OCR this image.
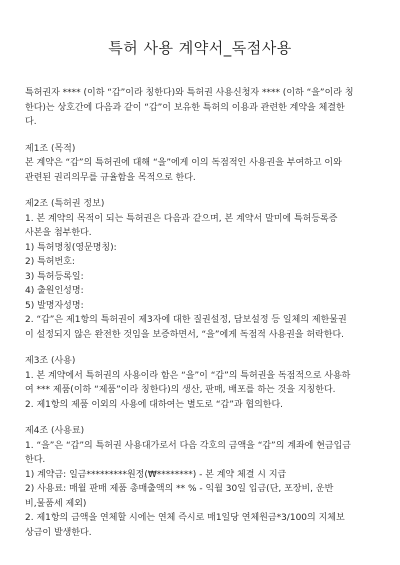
특허 사용 계약서_독점사용
특허권자 **** (이하 “갑”이라 칭한다)와 특허권 사용신청자 **** (이하 “을”이라 칭
한다)는 상호간에 다음과 같이 “갑”이 보유한 특허의 이용과 관련한 계약을 체결한
다.
제1조 (목적)
본 계약은 “갑”의 특허권에 대해 “을”에게 이의 독점적인 사용권을 부여하고 이와
관련된 권리의무를 규율함을 목적으로 한다.
제2조 (특허권 정보)
1. 본 계약의 목적이 되는 특허권은 다음과 같으며, 본 계약서 말미에 특허등록증
사본을 첨부한다.
1) 특허명칭(영문명칭):
2) 특허번호:
3) 특허등록일:
4) 출원인성명:
5) 발명자성명:
2. “갑”은 제1항의 특허권이 제3자에 대한 질권설정, 담보설정 등 일체의 제한물권
이 설정되지 않은 완전한 것임을 보증하면서, “을”에게 독점적 사용권을 허락한다.
제3조 (사용)
1. 본 계약에서 특허권의 사용이라 함은 “을”이 “갑”의 특허권을 독점적으로 사용하
여 *** 제품(이하 “제품”이라 칭한다)의 생산, 판매, 배포를 하는 것을 지칭한다.
2. 제1항의 제품 이외의 사용에 대하여는 별도로 “갑”과 협의한다.
제4조 (사용료)
1. “을”은 “갑”의 특허권 사용대가로서 다음 각호의 금액을 “갑”의 계좌에 현금입금
한다.
1) 계약금: 일금*********원정(₩********) - 본 계약 체결 시 지급
2) 사용료: 매월 판매 제품 총매출액의 ** % - 익월 30일 입금(단, 포장비, 운반
비,물품세 제외)
2. 제1항의 금액을 연체할 시에는 연체 즉시로 매1일당 연체원금*3/100의 지체보
상금이 발생한다.
